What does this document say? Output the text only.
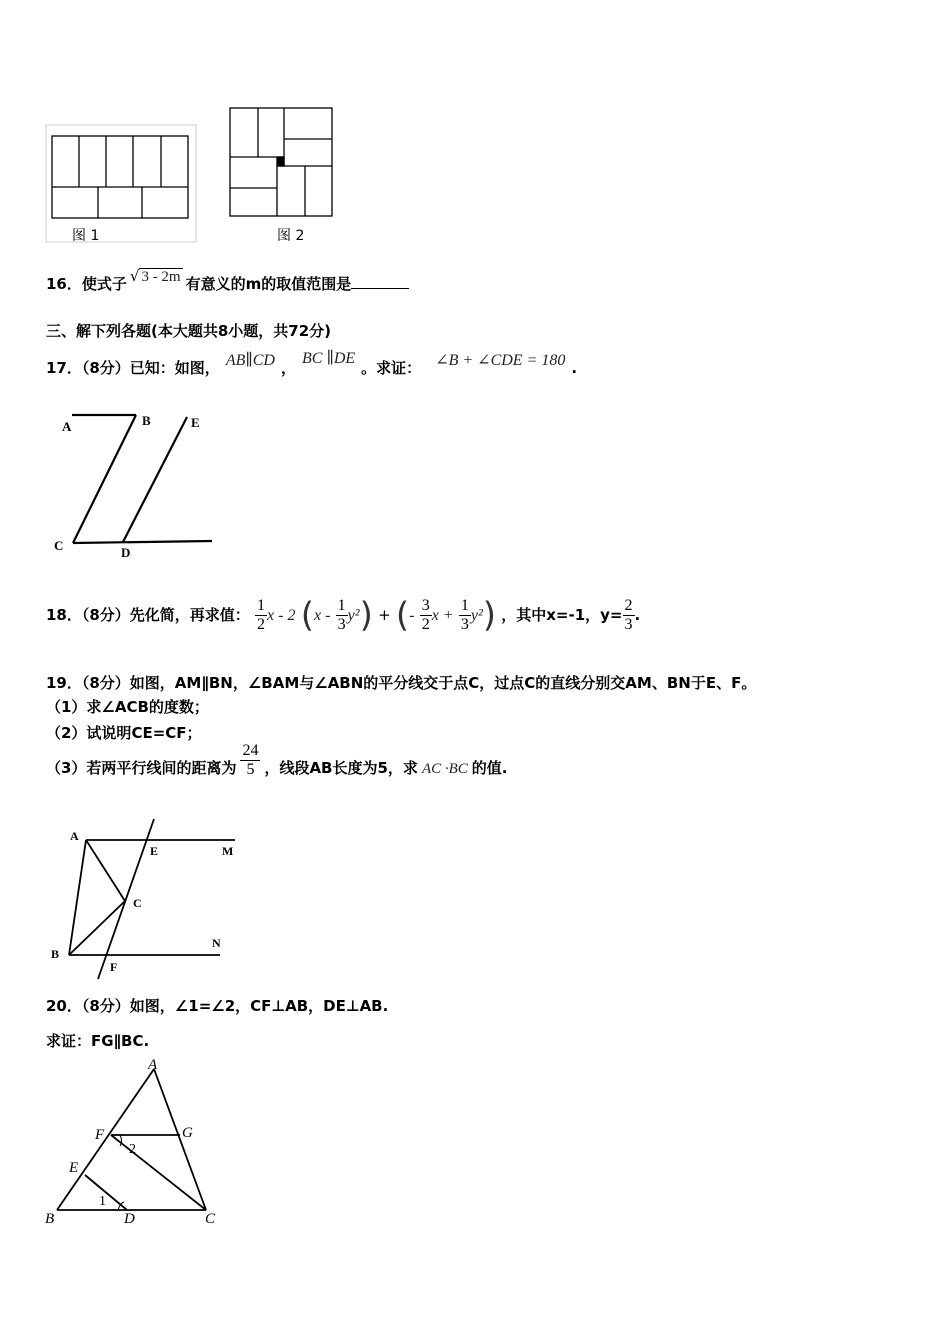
图 1	图 2
16．使式子 √ 3 - 2m 有意义的m的取值范围是
三、解下列各题(本大题共8小题，共72分)
17．（8分）已知：如图， AB∥CD ，BC ∥DE。求证： ∠B + ∠CDE = 180 .
A	B	E
C	D
18．（8分）先化简，再求值： $\frac{1}{2}$ x - 2 $(x - \frac{1}{3} y^2)$ + (- $\frac{3}{2}$ $x + \frac{1}{3} y^2$) ，其中x=-1，$y= \frac{2}{3}$ .
19．（8分）如图，AM∥BN，∠BAM与∠ABN的平分线交于点C，过点C的直线分别交AM、BN于E、F。
（1）求∠ACB的度数；
（2）试说明CE=CF；
（3）若两平行线间的距离为 $\frac{24}{5}$ ，线段AB长度为5，求 AC ·BC 的值.
A
E	M
C
B
N
F
20．（8分）如图，∠1=∠2，CF⊥AB，DE⊥AB.
求证：FG∥BC.
A
F	G
2
E
1
B	D	C
